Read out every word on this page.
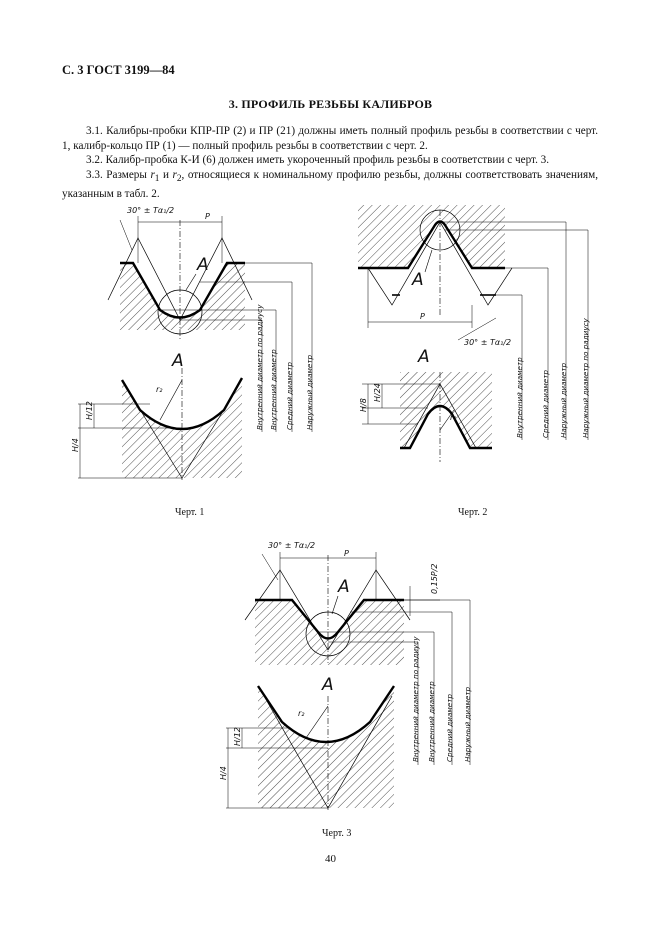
С. 3 ГОСТ 3199—84
3. ПРОФИЛЬ РЕЗЬБЫ КАЛИБРОВ
3.1. Калибры-пробки КПР-ПР (2) и ПР (21) должны иметь полный профиль резьбы в соответствии с черт. 1, калибр-кольцо ПР (1) — полный профиль резьбы в соответствии с черт. 2.
3.2. Калибр-пробка К-И (6) должен иметь укороченный профиль резьбы в соответствии с черт. 3.
3.3. Размеры $r_1$ и $r_2$, относящиеся к номинальному профилю резьбы, должны соответствовать значениям, указанным в табл. 2.
P
30° ± Tα₁/2
A
A
r₂
H/12
H/4
Внутренний диаметр по радиусу Внутренний диаметр Средний диаметр Наружный диаметр
A
P
30° ± Tα₁/2
Внутренний диаметр Средний диаметр Наружный диаметр Наружный диаметр по радиусу
A
r₁
H/8
H/24
P
30° ± Tα₁/2
A	0,15P/2
Внутренний диаметр по радиусу Внутренний диаметр Средний диаметр Наружный диаметр
A
r₂
H/12
H/4
Черт. 1	Черт. 2
Черт. 3
40
